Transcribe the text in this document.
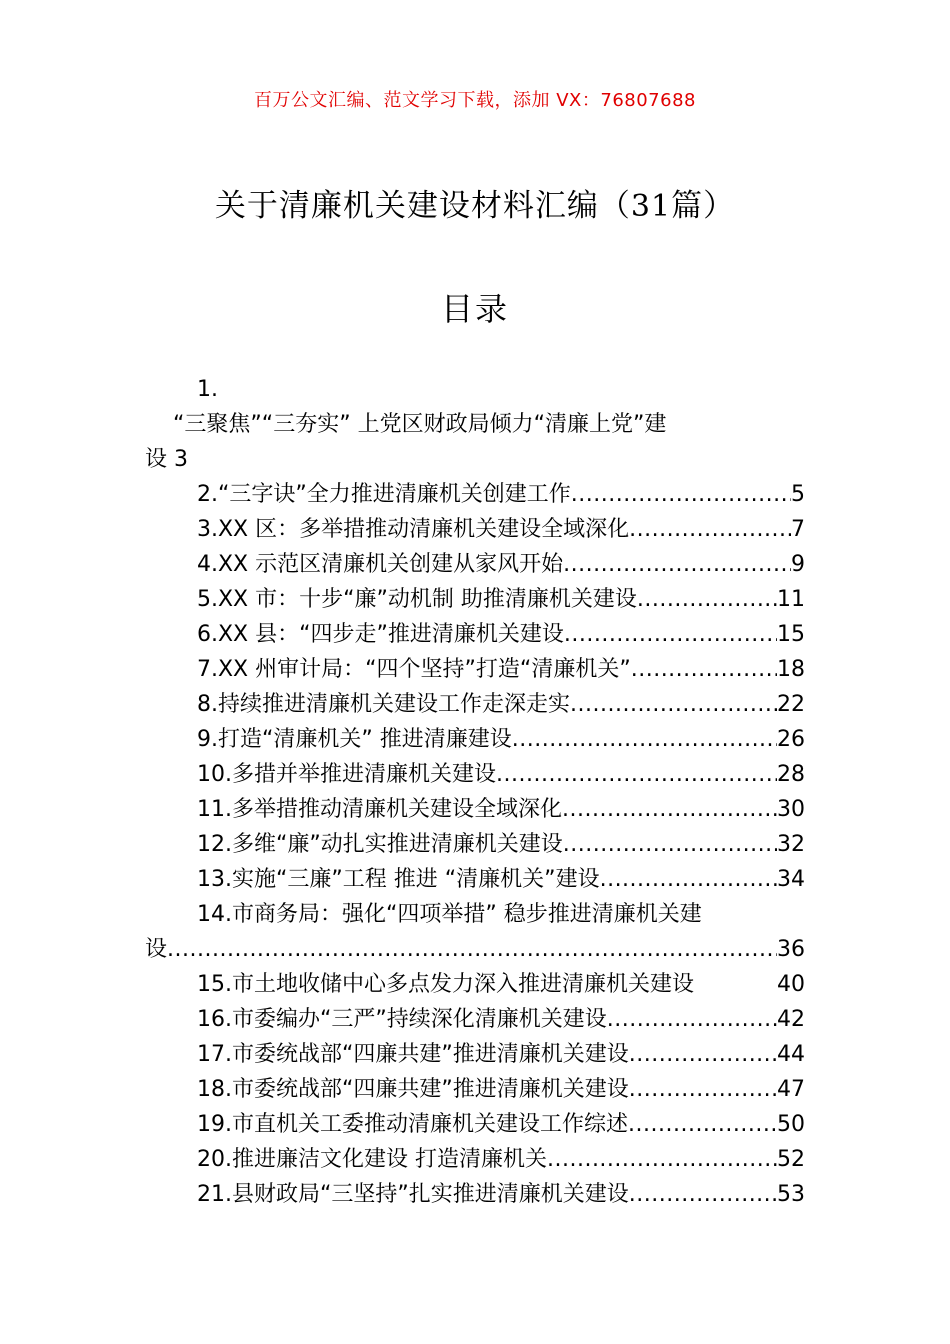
百万公文汇编、范文学习下载，添加 VX：76807688
关于清廉机关建设材料汇编（31篇）
目录
1.
“三聚焦”“三夯实” 上党区财政局倾力“清廉上党”建
设 3
2.“三字诀”全力推进清廉机关创建工作 .....	5
3.XX 区：多举措推动清廉机关建设全域深化 .....	7
4.XX 示范区清廉机关创建从家风开始 .....	9
5.XX 市：十步“廉”动机制 助推清廉机关建设 .....	11
6.XX 县：“四步走”推进清廉机关建设 .....	15
7.XX 州审计局：“四个坚持”打造“清廉机关” .....	18
8.持续推进清廉机关建设工作走深走实 .....	22
9.打造“清廉机关” 推进清廉建设 .....	26
10.多措并举推进清廉机关建设 .....	28
11.多举措推动清廉机关建设全域深化 .....	30
12.多维“廉”动扎实推进清廉机关建设 .....	32
13.实施“三廉”工程 推进 “清廉机关”建设 .....	34
14.市商务局：强化“四项举措” 稳步推进清廉机关建
设 .....	36
15.市土地收储中心多点发力深入推进清廉机关建设	40
16.市委编办“三严”持续深化清廉机关建设 .....	42
17.市委统战部“四廉共建”推进清廉机关建设 .....	44
18.市委统战部“四廉共建”推进清廉机关建设 .....	47
19.市直机关工委推动清廉机关建设工作综述 .....	50
20.推进廉洁文化建设 打造清廉机关 .....	52
21.县财政局“三坚持”扎实推进清廉机关建设 .....	53
